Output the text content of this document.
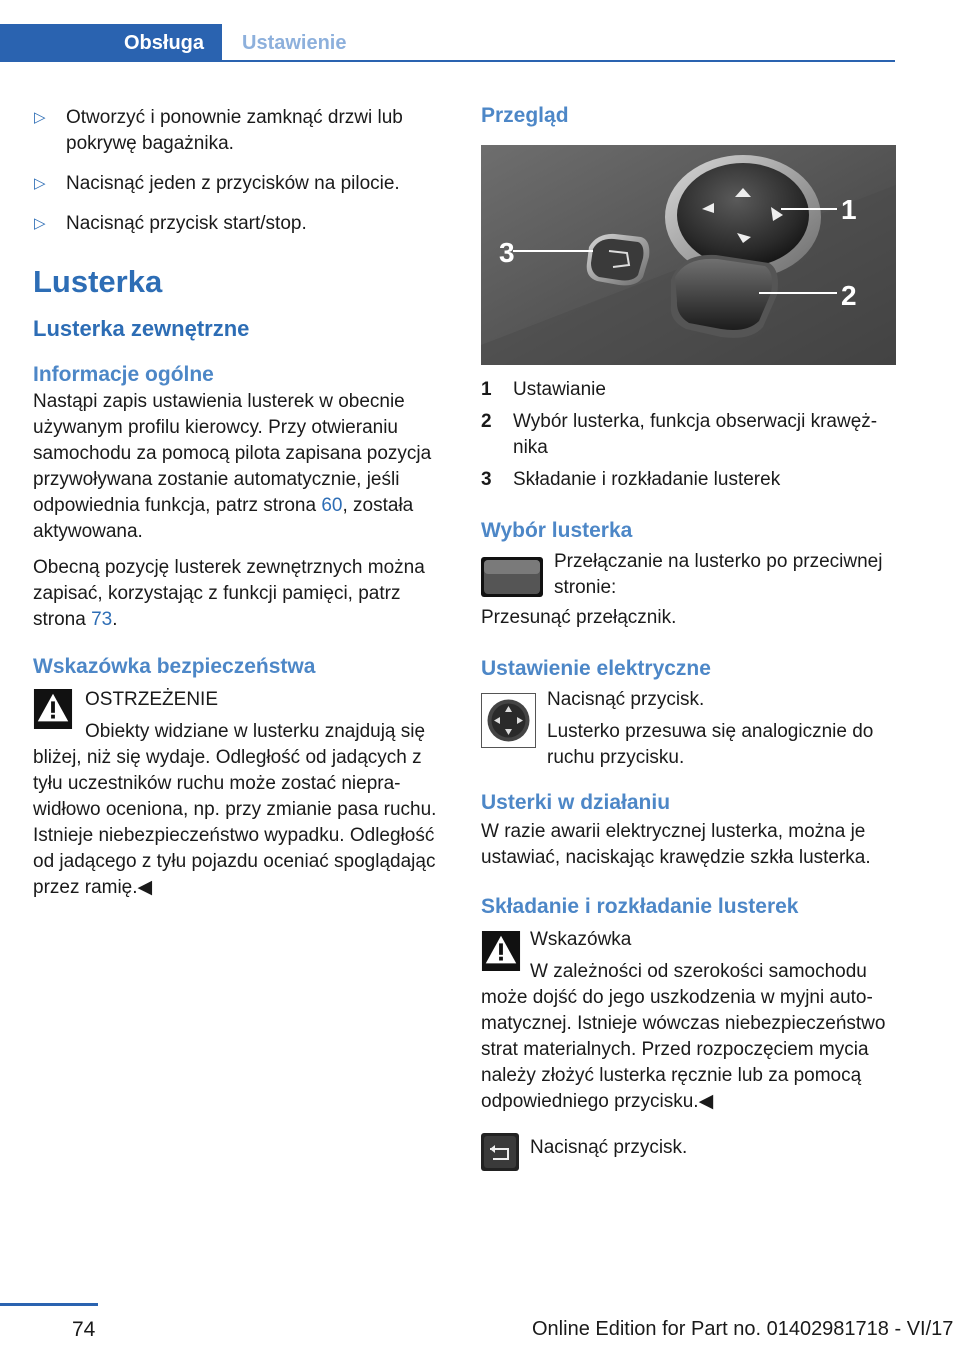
Obsługa	Ustawienie
▷ Otworzyć i ponownie zamknąć drzwi lub pokrywę bagażnika.
▷ Nacisnąć jeden z przycisków na pilocie.
▷ Nacisnąć przycisk start/stop.
Lusterka
Lusterka zewnętrzne
Informacje ogólne

Nastąpi zapis ustawienia lusterek w obecnie używanym profilu kierowcy. Przy otwieraniu samochodu za pomocą pilota zapisana pozycja przywoływana zostanie automatycznie, jeśli odpowiednia funkcja, patrz strona 60, została aktywowana.

Obecną pozycję lusterek zewnętrznych można zapisać, korzystając z funkcji pamięci, patrz strona 73.

Wskazówka bezpieczeństwa

OSTRZEŻENIE

Obiekty widziane w lusterku znajdują się

bliżej, niż się wydaje. Odległość od jadących z tyłu uczestników ruchu może zostać nieprawidłowo oceniona, np. przy zmianie pasa ruchu. Istnieje niebezpieczeństwo wypadku. Odległość od jadącego z tyłu pojazdu oceniać spoglądając przez ramię.◀

Przegląd
1
2
3
1	Ustawianie
2	Wybór lusterka, funkcja obserwacji krawężnika
3	Składanie i rozkładanie lusterek
Wybór lusterka

Przełączanie na lusterko po przeciwnej stronie:

Przesunąć przełącznik.

Ustawienie elektryczne

Nacisnąć przycisk.

Lusterko przesuwa się analogicznie do ruchu przycisku.

Usterki w działaniu

W razie awarii elektrycznej lusterka, można je ustawiać, naciskając krawędzie szkła lusterka.

Składanie i rozkładanie lusterek

Wskazówka

W zależności od szerokości samochodu

może dojść do jego uszkodzenia w myjni automatycznej. Istnieje wówczas niebezpieczeństwo strat materialnych. Przed rozpoczęciem mycia należy złożyć lusterka ręcznie lub za pomocą odpowiedniego przycisku.◀

Nacisnąć przycisk.

74	Online Edition for Part no. 01402981718 - VI/17
